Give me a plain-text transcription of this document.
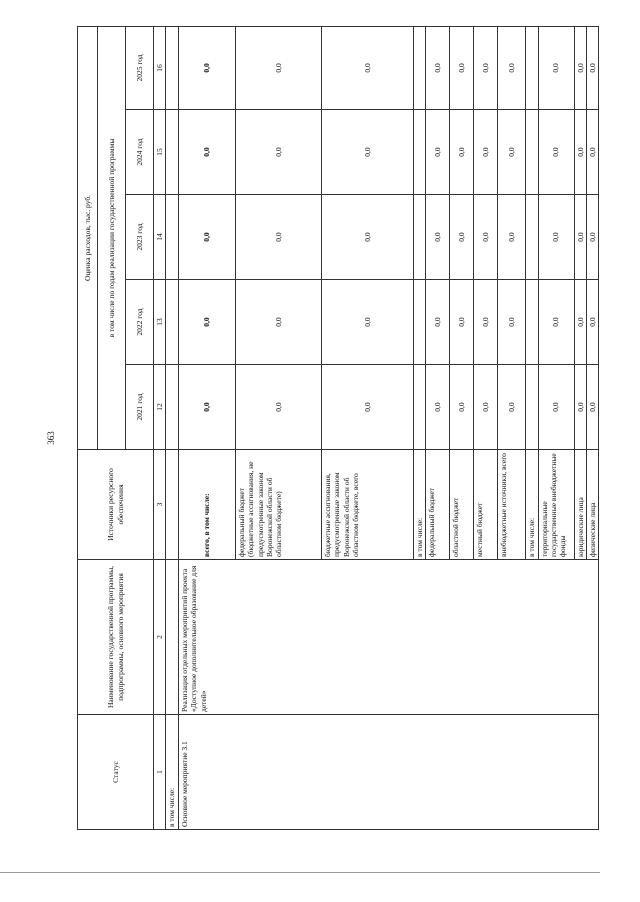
363
Статус	Наименование государственной программы, подпрограммы, основного мероприятия	Источники ресурсного обеспечения	Оценка расходов, тыс. руб.				
			в том числе по годам реализации государственной программы				
			2021 год	2022 год	2023 год	2024 год	2025 год
1	2	3	12	13	14	15	16
в том числе:							
Основное мероприятие 3.1	Реализация отдельных мероприятий проекта «Доступное дополнительное образование для детей»	всего, в том числе:	0,0	0,0	0,0	0,0	0,0
		федеральный бюджет (бюджетные ассигнования, не предусмотренные законом Воронежской области об областном бюджете)	0,0	0,0	0,0	0,0	0,0
		бюджетные ассигнования, предусмотренные законом Воронежской области об областном бюджете, всего	0,0	0,0	0,0	0,0	0,0
		в том числе:					
		федеральный бюджет	0,0	0,0	0,0	0,0	0,0
		областной бюджет	0,0	0,0	0,0	0,0	0,0
		местный бюджет	0,0	0,0	0,0	0,0	0,0
		внебюджетные источники, всего	0,0	0,0	0,0	0,0	0,0
		в том числе:					
		территориальные государственные внебюджетные фонды	0,0	0,0	0,0	0,0	0,0
		юридические лица	0,0	0,0	0,0	0,0	0,0
		физические лица	0,0	0,0	0,0	0,0	0,0
